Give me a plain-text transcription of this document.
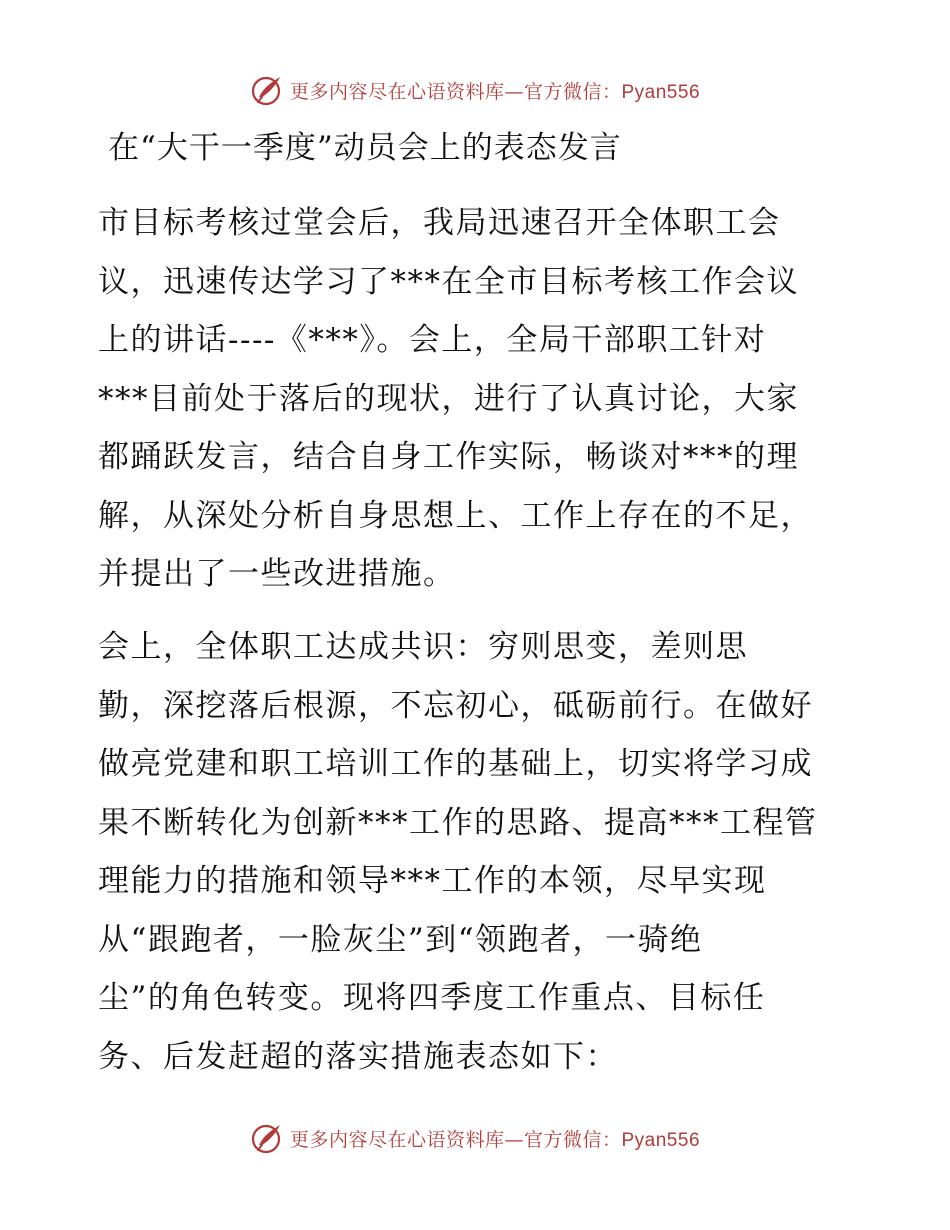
更多内容尽在心语资料库—官方微信：Pyan556
在“大干一季度”动员会上的表态发言
市目标考核过堂会后，我局迅速召开全体职工会
议，迅速传达学习了***在全市目标考核工作会议
上的讲话----《***》。会上，全局干部职工针对
***目前处于落后的现状，进行了认真讨论，大家
都踊跃发言，结合自身工作实际，畅谈对***的理
解，从深处分析自身思想上、工作上存在的不足，
并提出了一些改进措施。
会上，全体职工达成共识：穷则思变，差则思
勤，深挖落后根源，不忘初心，砥砺前行。在做好
做亮党建和职工培训工作的基础上，切实将学习成
果不断转化为创新***工作的思路、提高***工程管
理能力的措施和领导***工作的本领，尽早实现
从“跟跑者，一脸灰尘”到“领跑者，一骑绝
尘”的角色转变。现将四季度工作重点、目标任
务、后发赶超的落实措施表态如下：
更多内容尽在心语资料库—官方微信：Pyan556
